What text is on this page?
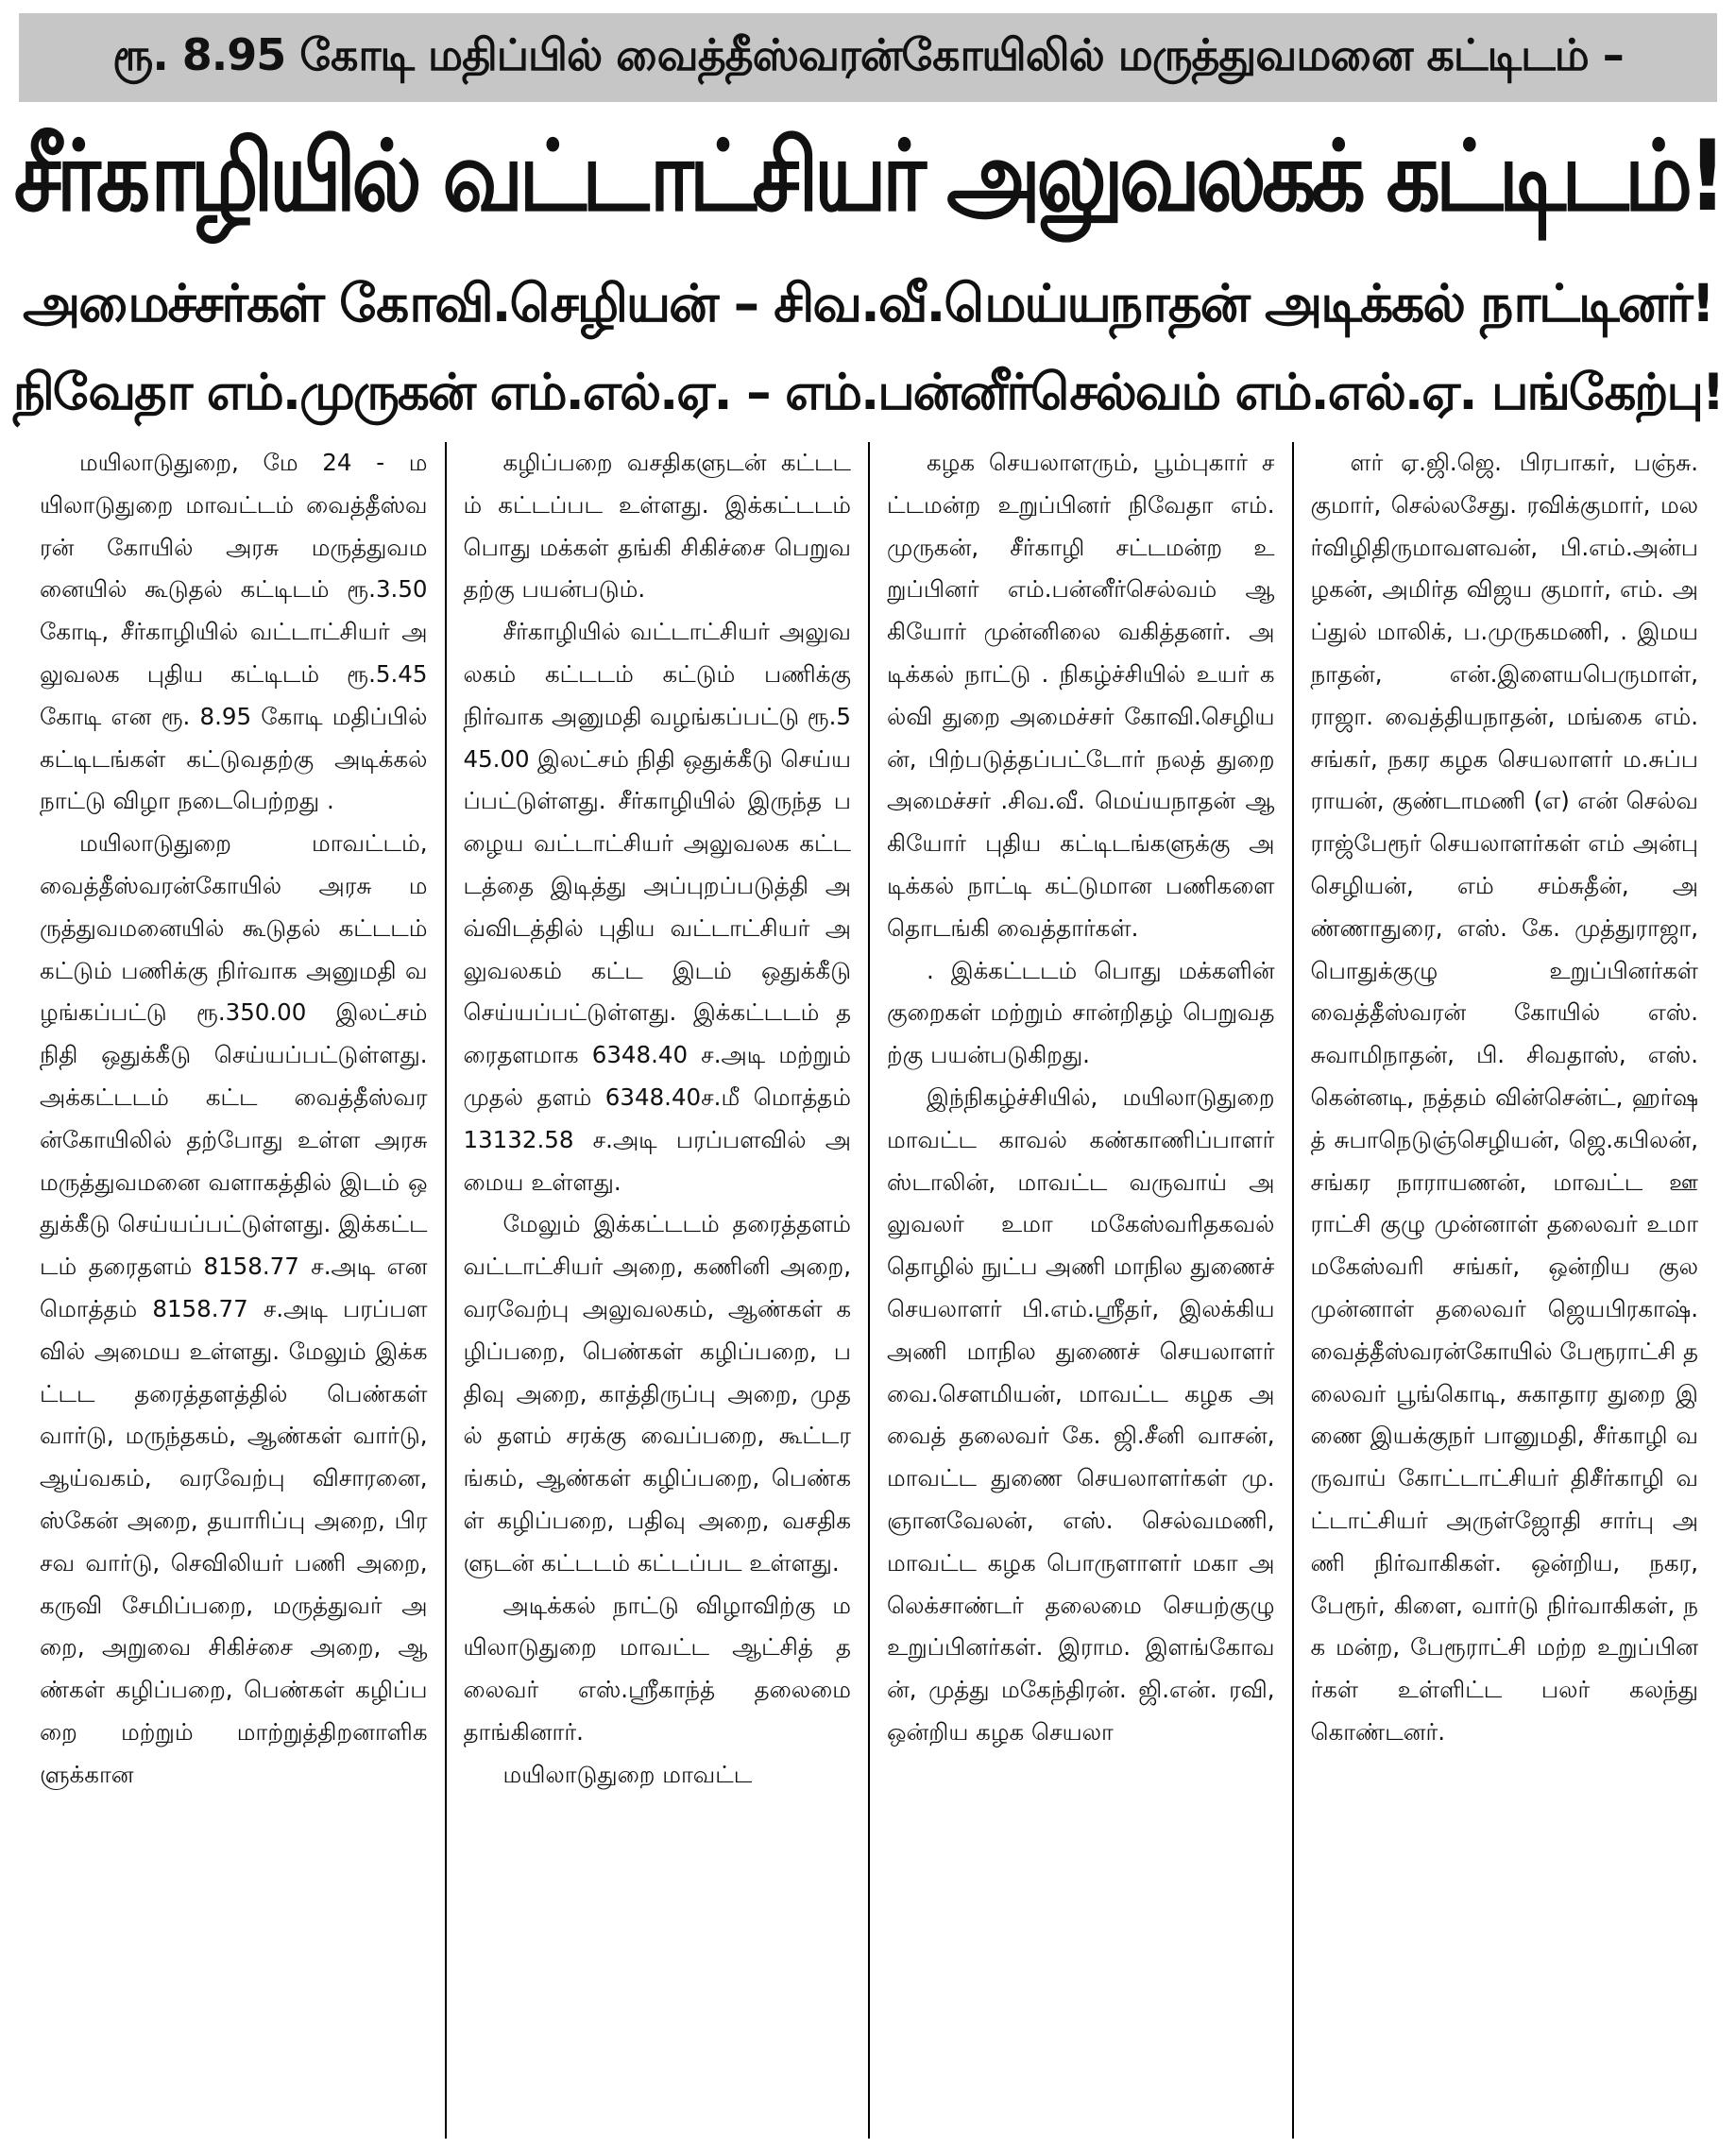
ரூ. 8.95 கோடி மதிப்பில் வைத்தீஸ்வரன்கோயிலில் மருத்துவமனை கட்டிடம் –
சீர்காழியில் வட்டாட்சியர் அலுவலகக் கட்டிடம்!
அமைச்சர்கள் கோவி.செழியன் – சிவ.வீ.மெய்யநாதன் அடிக்கல் நாட்டினர்!
நிவேதா எம்.முருகன் எம்.எல்.ஏ. – எம்.பன்னீர்செல்வம் எம்.எல்.ஏ. பங்கேற்பு!

மயிலாடுதுறை, மே 24 - மயிலாடுதுறை மாவட்டம் வைத்தீஸ்வரன் கோயில் அரசு மருத்துவமனையில் கூடுதல் கட்டிடம் ரூ.3.50 கோடி, சீர்காழியில் வட்டாட்சியர் அலுவலக புதிய கட்டிடம் ரூ.5.45 கோடி என ரூ. 8.95 கோடி மதிப்பில் கட்டிடங்கள் கட்டுவதற்கு அடிக்கல் நாட்டு விழா நடைபெற்றது .

மயிலாடுதுறை மாவட்டம், வைத்தீஸ்வரன்கோயில் அரசு மருத்துவமனையில் கூடுதல் கட்டடம் கட்டும் பணிக்கு நிர்வாக அனுமதி வழங்கப்பட்டு ரூ.350.00 இலட்சம் நிதி ஒதுக்கீடு செய்யப்பட்டுள்ளது. அக்கட்டடம் கட்ட வைத்தீஸ்வரன்கோயிலில் தற்போது உள்ள அரசு மருத்துவமனை வளாகத்தில் இடம் ஒதுக்கீடு செய்யப்பட்டுள்ளது. இக்கட்டடம் தரைதளம் 8158.77 ச.அடி எனமொத்தம் 8158.77 ச.அடி பரப்பளவில் அமைய உள்ளது. மேலும் இக்கட்டட தரைத்தளத்தில் பெண்கள் வார்டு, மருந்தகம், ஆண்கள் வார்டு, ஆய்வகம், வரவேற்பு விசாரனை, ஸ்கேன் அறை, தயாரிப்பு அறை, பிரசவ வார்டு, செவிலியர் பணி அறை, கருவி சேமிப்பறை, மருத்துவர் அறை, அறுவை சிகிச்சை அறை, ஆண்கள் கழிப்பறை, பெண்கள் கழிப்பறை மற்றும் மாற்றுத்திறனாளிகளுக்கான

கழிப்பறை வசதிகளுடன் கட்டடம் கட்டப்பட உள்ளது. இக்கட்டடம் பொது மக்கள் தங்கி சிகிச்சை பெறுவதற்கு பயன்படும்.

சீர்காழியில் வட்டாட்சியர் அலுவலகம் கட்டடம் கட்டும் பணிக்கு நிர்வாக அனுமதி வழங்கப்பட்டு ரூ.545.00 இலட்சம் நிதி ஒதுக்கீடு செய்யப்பட்டுள்ளது. சீர்காழியில் இருந்த பழைய வட்டாட்சியர் அலுவலக கட்டடத்தை இடித்து அப்புறப்படுத்தி அவ்விடத்தில் புதிய வட்டாட்சியர் அலுவலகம் கட்ட இடம் ஒதுக்கீடு செய்யப்பட்டுள்ளது. இக்கட்டடம் தரைதளமாக 6348.40 ச.அடி மற்றும் முதல் தளம் 6348.40ச.மீ மொத்தம் 13132.58 ச.அடி பரப்பளவில் அமைய உள்ளது.

மேலும் இக்கட்டடம் தரைத்தளம் வட்டாட்சியர் அறை, கணினி அறை, வரவேற்பு அலுவலகம், ஆண்கள் கழிப்பறை, பெண்கள் கழிப்பறை, பதிவு அறை, காத்திருப்பு அறை, முதல் தளம் சரக்கு வைப்பறை, கூட்டரங்கம், ஆண்கள் கழிப்பறை, பெண்கள் கழிப்பறை, பதிவு அறை, வசதிகளுடன் கட்டடம் கட்டப்பட உள்ளது.

அடிக்கல் நாட்டு விழாவிற்கு மயிலாடுதுறை மாவட்ட ஆட்சித் தலைவர் எஸ்.ஸ்ரீகாந்த் தலைமை தாங்கினார்.

மயிலாடுதுறை மாவட்ட

கழக செயலாளரும், பூம்புகார் சட்டமன்ற உறுப்பினர் நிவேதா எம்.முருகன், சீர்காழி சட்டமன்ற உறுப்பினர் எம்.பன்னீர்செல்வம் ஆகியோர் முன்னிலை வகித்தனர். அடிக்கல் நாட்டு . நிகழ்ச்சியில் உயர் கல்வி துறை அமைச்சர் கோவி.செழியன், பிற்படுத்தப்பட்டோர் நலத் துறை அமைச்சர் .சிவ.வீ. மெய்யநாதன் ஆகியோர் புதிய கட்டிடங்களுக்கு அடிக்கல் நாட்டி கட்டுமான பணிகளை தொடங்கி வைத்தார்கள்.

. இக்கட்டடம் பொது மக்களின் குறைகள் மற்றும் சான்றிதழ் பெறுவதற்கு பயன்படுகிறது.

இந்நிகழ்ச்சியில், மயிலாடுதுறை மாவட்ட காவல் கண்காணிப்பாளர் ஸ்டாலின், மாவட்ட வருவாய் அலுவலர் உமா மகேஸ்வரிதகவல் தொழில் நுட்ப அணி மாநில துணைச் செயலாளர் பி.எம்.ஸ்ரீதர், இலக்கிய அணி மாநில துணைச் செயலாளர் வை.சௌமியன், மாவட்ட கழக அவைத் தலைவர் கே. ஜி.சீனி வாசன், மாவட்ட துணை செயலாளர்கள் மு.ஞானவேலன், எஸ். செல்வமணி, மாவட்ட கழக பொருளாளர் மகா அலெக்சாண்டர் தலைமை செயற்குழு உறுப்பினர்கள். இராம. இளங்கோவன், முத்து மகேந்திரன். ஜி.என். ரவி, ஒன்றிய கழக செயலா

ளர் ஏ.ஜி.ஜெ. பிரபாகர், பஞ்சு. குமார், செல்லசேது. ரவிக்குமார், மலர்விழிதிருமாவளவன், பி.எம்.அன்பழகன், அமிர்த விஜய குமார், எம். அப்துல் மாலிக், ப.முருகமணி, . இமய நாதன், என்.இளையபெருமாள், ராஜா. வைத்தியநாதன், மங்கை எம். சங்கர், நகர கழக செயலாளர் ம.சுப்பராயன், குண்டாமணி (எ) என் செல்வ ராஜ்பேரூர் செயலாளர்கள் எம் அன்பு செழியன், எம் சம்சுதீன், அண்ணாதுரை, எஸ். கே. முத்துராஜா, பொதுக்குழு உறுப்பினர்கள் வைத்தீஸ்வரன் கோயில் எஸ். சுவாமிநாதன், பி. சிவதாஸ், எஸ்.கென்னடி, நத்தம் வின்சென்ட், ஹர்ஷத் சுபாநெடுஞ்செழியன், ஜெ.கபிலன், சங்கர நாராயணன், மாவட்ட ஊராட்சி குழு முன்னாள் தலைவர் உமா மகேஸ்வரி சங்கர், ஒன்றிய குல முன்னாள் தலைவர் ஜெயபிரகாஷ். வைத்தீஸ்வரன்கோயில் பேரூராட்சி தலைவர் பூங்கொடி, சுகாதார துறை இணை இயக்குநர் பானுமதி, சீர்காழி வருவாய் கோட்டாட்சியர் திசீர்காழி வட்டாட்சியர் அருள்ஜோதி சார்பு அணி நிர்வாகிகள். ஒன்றிய, நகர, பேரூர், கிளை, வார்டு நிர்வாகிகள், நக மன்ற, பேரூராட்சி மற்ற உறுப்பினர்கள் உள்ளிட்ட பலர் கலந்து கொண்டனர்.
